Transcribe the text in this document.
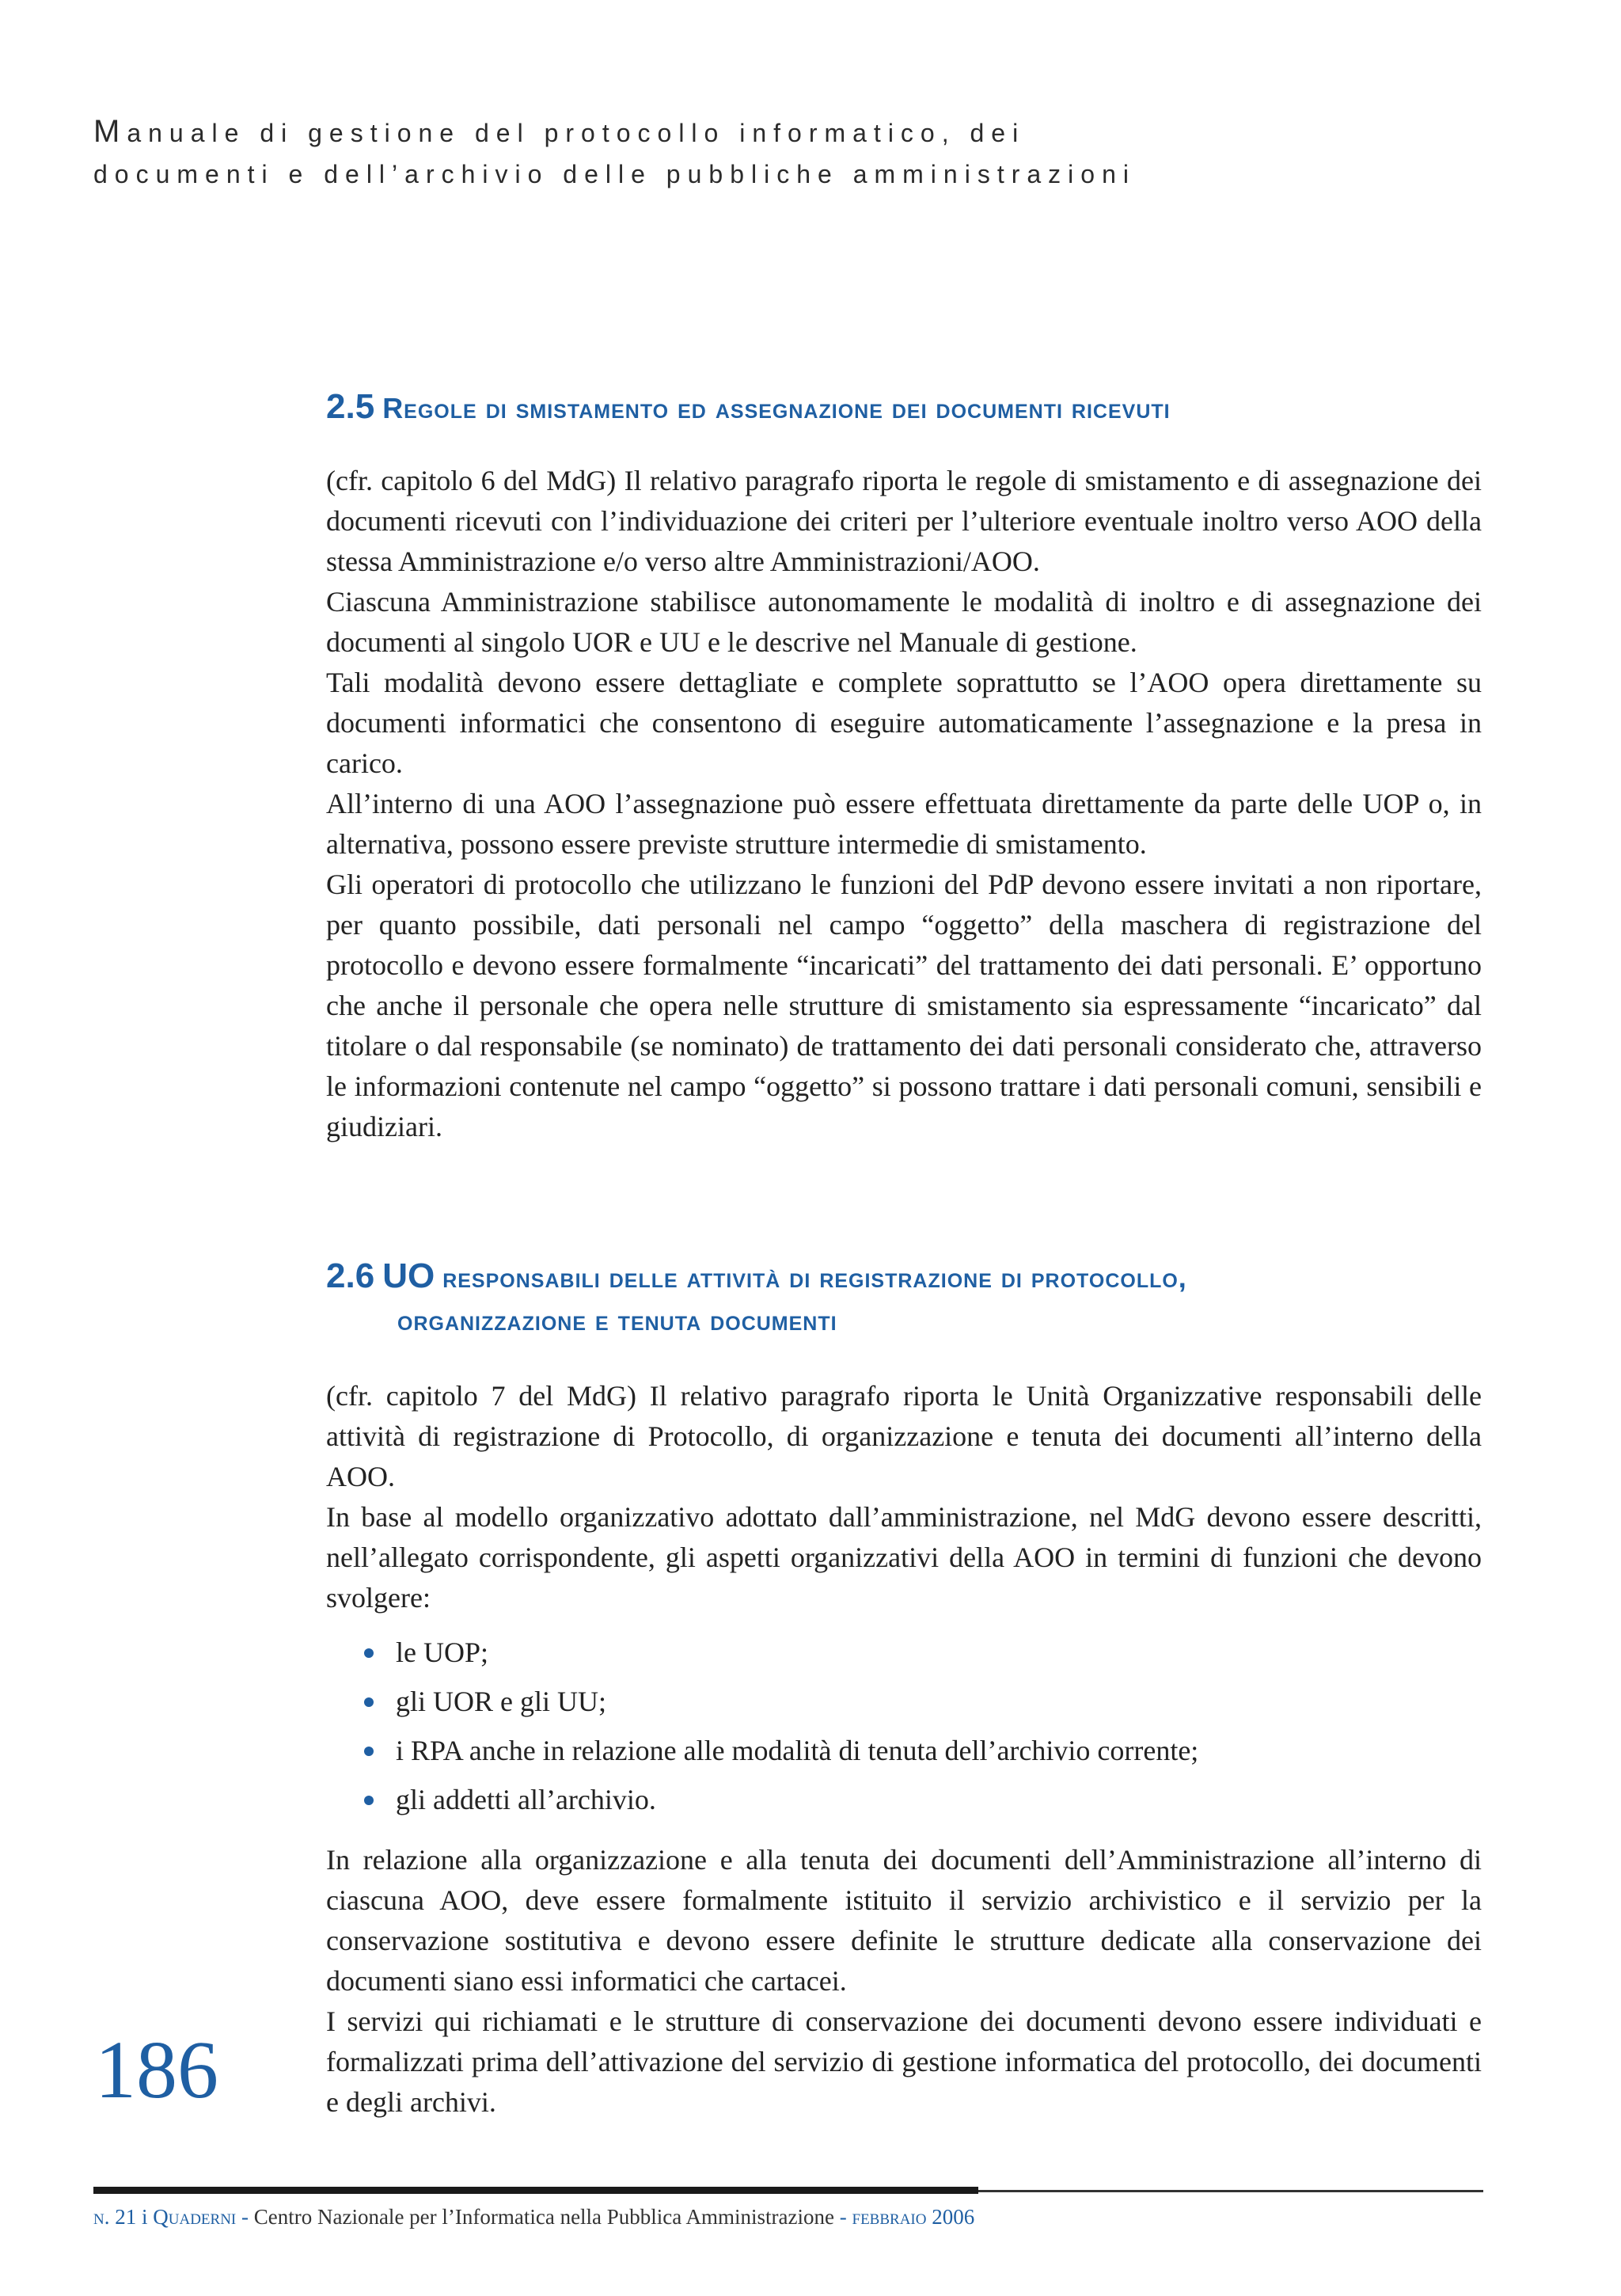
Manuale di gestione del protocollo informatico, dei
documenti e dell’archivio delle pubbliche amministrazioni
2.5 Regole di smistamento ed assegnazione dei documenti ricevuti

(cfr. capitolo 6 del MdG) Il relativo paragrafo riporta le regole di smistamento e di assegnazione dei documenti ricevuti con l’individuazione dei criteri per l’ulteriore eventuale inoltro verso AOO della stessa Amministrazione e/o verso altre Amministrazioni/AOO.

Ciascuna Amministrazione stabilisce autonomamente le modalità di inoltro e di assegnazione dei documenti al singolo UOR e UU e le descrive nel Manuale di gestione.

Tali modalità devono essere dettagliate e complete soprattutto se l’AOO opera direttamente su documenti informatici che consentono di eseguire automaticamente l’assegnazione e la presa in carico.

All’interno di una AOO l’assegnazione può essere effettuata direttamente da parte delle UOP o, in alternativa, possono essere previste strutture intermedie di smistamento.

Gli operatori di protocollo che utilizzano le funzioni del PdP devono essere invitati a non riportare, per quanto possibile, dati personali nel campo “oggetto” della maschera di registrazione del protocollo e devono essere formalmente “incaricati” del trattamento dei dati personali. E’ opportuno che anche il personale che opera nelle strutture di smistamento sia espressamente “incaricato” dal titolare o dal responsabile (se nominato) de trattamento dei dati personali considerato che, attraverso le informazioni contenute nel campo “oggetto” si possono trattare i dati personali comuni, sensibili e giudiziari.

2.6 UO responsabili delle attività di registrazione di protocollo,
organizzazione e tenuta documenti

(cfr. capitolo 7 del MdG) Il relativo paragrafo riporta le Unità Organizzative responsabili delle attività di registrazione di Protocollo, di organizzazione e tenuta dei documenti all’interno della AOO.

In base al modello organizzativo adottato dall’amministrazione, nel MdG devono essere descritti, nell’allegato corrispondente, gli aspetti organizzativi della AOO in termini di funzioni che devono svolgere:

le UOP;
gli UOR e gli UU;
i RPA anche in relazione alle modalità di tenuta dell’archivio corrente;
gli addetti all’archivio.

In relazione alla organizzazione e alla tenuta dei documenti dell’Amministrazione all’interno di ciascuna AOO, deve essere formalmente istituito il servizio archivistico e il servizio per la conservazione sostitutiva e devono essere definite le strutture dedicate alla conservazione dei documenti siano essi informatici che cartacei.

I servizi qui richiamati e le strutture di conservazione dei documenti devono essere individuati e formalizzati prima dell’attivazione del servizio di gestione informatica del protocollo, dei documenti e degli archivi.

186
n. 21 i Quaderni - Centro Nazionale per l’Informatica nella Pubblica Amministrazione - febbraio 2006
